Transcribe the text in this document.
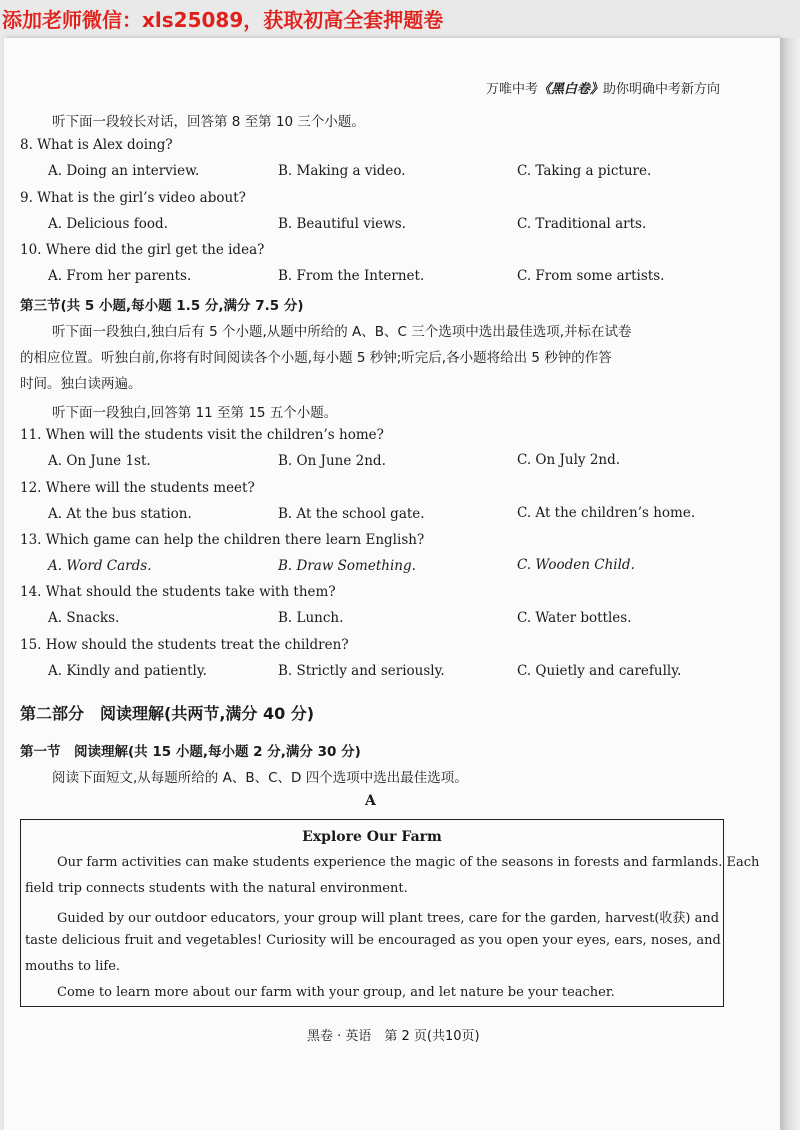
添加老师微信：xls25089，获取初高全套押题卷
万唯中考《黑白卷》助你明确中考新方向
听下面一段较长对话，回答第 8 至第 10 三个小题。
8. What is Alex doing?
A. Doing an interview.	B. Making a video.	C. Taking a picture.
9. What is the girl’s video about?
A. Delicious food.	B. Beautiful views.	C. Traditional arts.
10. Where did the girl get the idea?
A. From her parents.	B. From the Internet.	C. From some artists.
第三节(共 5 小题,每小题 1.5 分,满分 7.5 分)
听下面一段独白,独白后有 5 个小题,从题中所给的 A、B、C 三个选项中选出最佳选项,并标在试卷
的相应位置。听独白前,你将有时间阅读各个小题,每小题 5 秒钟;听完后,各小题将给出 5 秒钟的作答
时间。独白读两遍。
听下面一段独白,回答第 11 至第 15 五个小题。
11. When will the students visit the children’s home?
A. On June 1st.	B. On June 2nd.	C. On July 2nd.
12. Where will the students meet?
A. At the bus station.	B. At the school gate.	C. At the children’s home.
13. Which game can help the children there learn English?
A. Word Cards.	B. Draw Something.	C. Wooden Child.
14. What should the students take with them?
A. Snacks.	B. Lunch.	C. Water bottles.
15. How should the students treat the children?
A. Kindly and patiently.	B. Strictly and seriously.	C. Quietly and carefully.
第二部分　阅读理解(共两节,满分 40 分)
第一节　阅读理解(共 15 小题,每小题 2 分,满分 30 分)
阅读下面短文,从每题所给的 A、B、C、D 四个选项中选出最佳选项。
A
Explore Our Farm
Our farm activities can make students experience the magic of the seasons in forests and farmlands. Each
field trip connects students with the natural environment.
Guided by our outdoor educators, your group will plant trees, care for the garden, harvest(收获) and
taste delicious fruit and vegetables! Curiosity will be encouraged as you open your eyes, ears, noses, and
mouths to life.
Come to learn more about our farm with your group, and let nature be your teacher.
黑卷 · 英语　第 2 页(共10页)
